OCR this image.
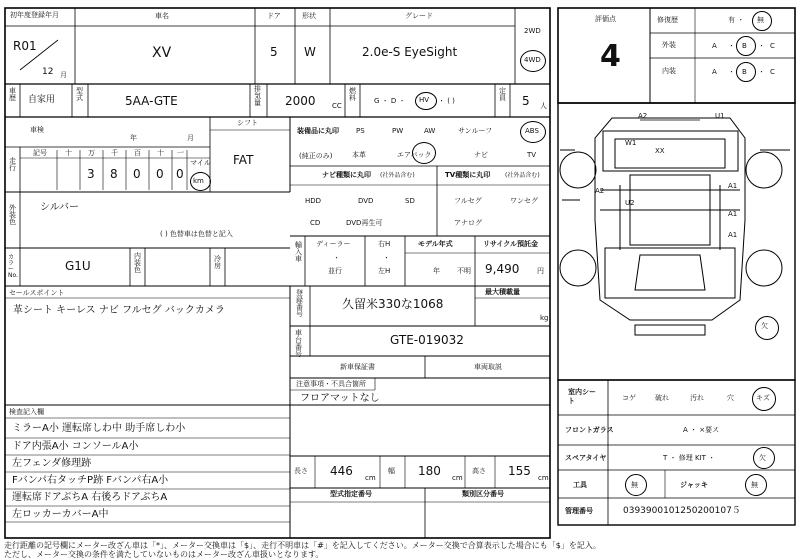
初年度登録年月
R01
12 月
車名
XV
ドア
5
形状
W
グレード
2.0e-S EyeSight
2WD
4WD
車歴 自家用
型式	5AA-GTE
排気量 2000 CC
燃料	G ・ D ・ HV ・ ( )
定員 5 人
車検
年	月
シフト
FAT
走行
記号	十 万 千 百 十 一
3 8 0 0 0
マイル
km
装備品に丸印
(純正のみ)
PS	PW	AW	サンルーフ	ABS
本革	エアバック	ナビ	TV
ナビ種類に丸印 (社外品含む)
HDD	DVD	SD
CD	DVD再生可
TV種類に丸印 (社外品含む)
フルセグ	ワンセグ
アナログ
外装色
シルバー
( ) 色替車は色替と記入
カラーNo.
G1U
内装色
冷房
輸入車
ディーラー
・
並行
右H
・
左H
モデル年式
年 不明
リサイクル預託金
9,490	円
登録番号
久留米330な1068
最大積載量
kg
車台番号
GTE-019032
新車保証書	車両取説
セールスポイント
革シート キーレス ナビ フルセグ バックカメラ
注意事項・不具合箇所
フロアマットなし
検査記入欄
ミラーA小 運転席しわ中 助手席しわ小
ドア内張A小 コンソールA小
左フェンダ修理跡
Fバンパ右タッチP跡 Fバンパ右A小
運転席ドアぶちA 右後ろドアぶちA
左ロッカーカバーA中
長さ 446 cm
幅 180 cm
高さ 155 cm
型式指定番号	類別区分番号
評価点
4
修復歴	有 ・ 無
外装	A ・ B ・ C
内装	A ・ B ・ C
A2	U1
W1
XX
A2
U2
A1
A1
A1
欠
室内シート	コゲ	破れ	汚れ	穴	キズ
フロントガラス	A ・ ×要ス
スペアタイヤ	T ・ 修理 KIT ・	欠
工具	無	ジャッキ	無
管理番号	0393900101250200107５
走行距離の記号欄にメーター改ざん車は「*」、メーター交換車は「$」、走行不明車は「#」を記入してください。メーター交換で合算表示した場合にも「$」を記入。
ただし、メーター交換の条件を満たしていないものはメーター改ざん車扱いとなります。
